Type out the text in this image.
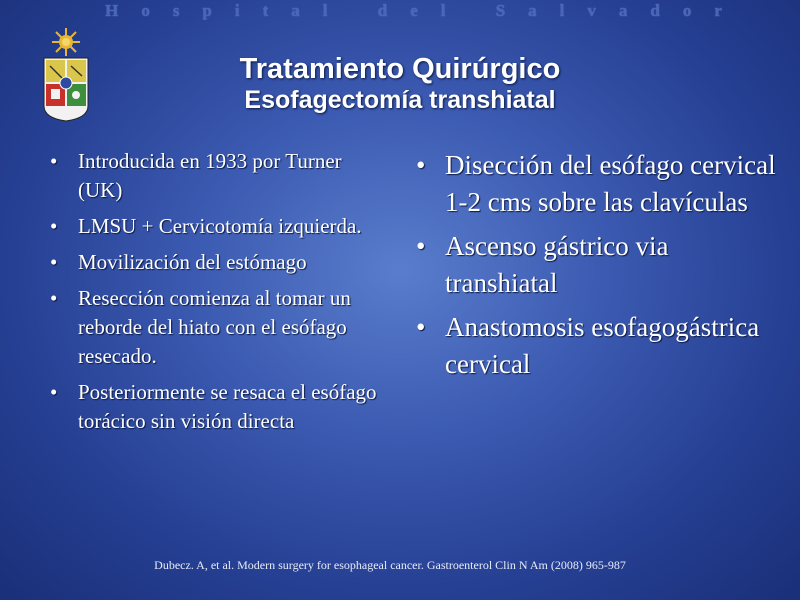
Hospital del Salvador
Tratamiento Quirúrgico
Esofagectomía transhiatal
• Introducida en 1933 por Turner (UK)
• LMSU + Cervicotomía izquierda.
• Movilización del estómago
• Resección comienza al tomar un reborde del hiato con el esófago resecado.
• Posteriormente se resaca el esófago torácico sin visión directa
• Disección del esófago cervical 1-2 cms sobre las clavículas
• Ascenso gástrico via transhiatal
• Anastomosis esofagogástrica cervical
Dubecz. A, et al. Modern surgery for esophageal cancer. Gastroenterol Clin N Am (2008) 965-987
